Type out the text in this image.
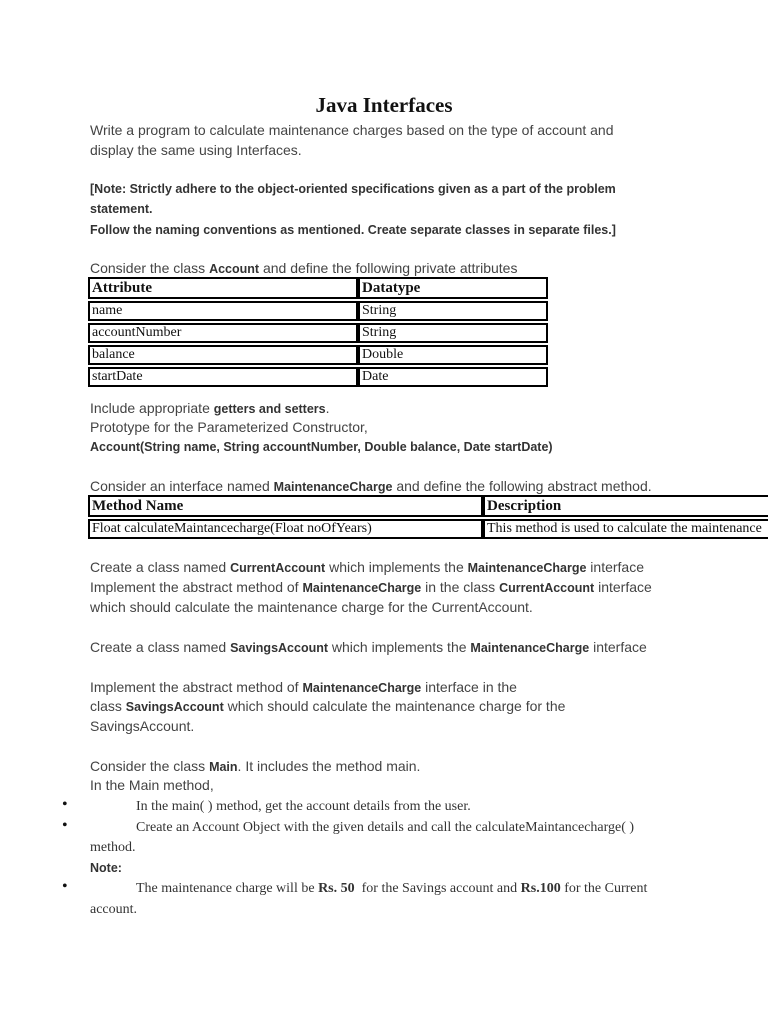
Java Interfaces
Write a program to calculate maintenance charges based on the type of account and
display the same using Interfaces.
[Note: Strictly adhere to the object-oriented specifications given as a part of the problem
statement.
Follow the naming conventions as mentioned. Create separate classes in separate files.]
Consider the class Account and define the following private attributes
Attribute	Datatype
name	String
accountNumber	String
balance	Double
startDate	Date
Include appropriate getters and setters.
Prototype for the Parameterized Constructor,
Account(String name, String accountNumber, Double balance, Date startDate)
Consider an interface named MaintenanceCharge and define the following abstract method.
Method Name	Description
Float calculateMaintancecharge(Float noOfYears)	This method is used to calculate the maintenance
Create a class named CurrentAccount which implements the MaintenanceCharge interface
Implement the abstract method of MaintenanceCharge in the class CurrentAccount interface
which should calculate the maintenance charge for the CurrentAccount.
Create a class named SavingsAccount which implements the MaintenanceCharge interface
Implement the abstract method of MaintenanceCharge interface in the
class SavingsAccount which should calculate the maintenance charge for the
SavingsAccount.
Consider the class Main. It includes the method main.
In the Main method,
•	In the main( ) method, get the account details from the user.
•	Create an Account Object with the given details and call the calculateMaintancecharge( )
method.
Note:
•	The maintenance charge will be Rs. 50  for the Savings account and Rs.100 for the Current
account.
